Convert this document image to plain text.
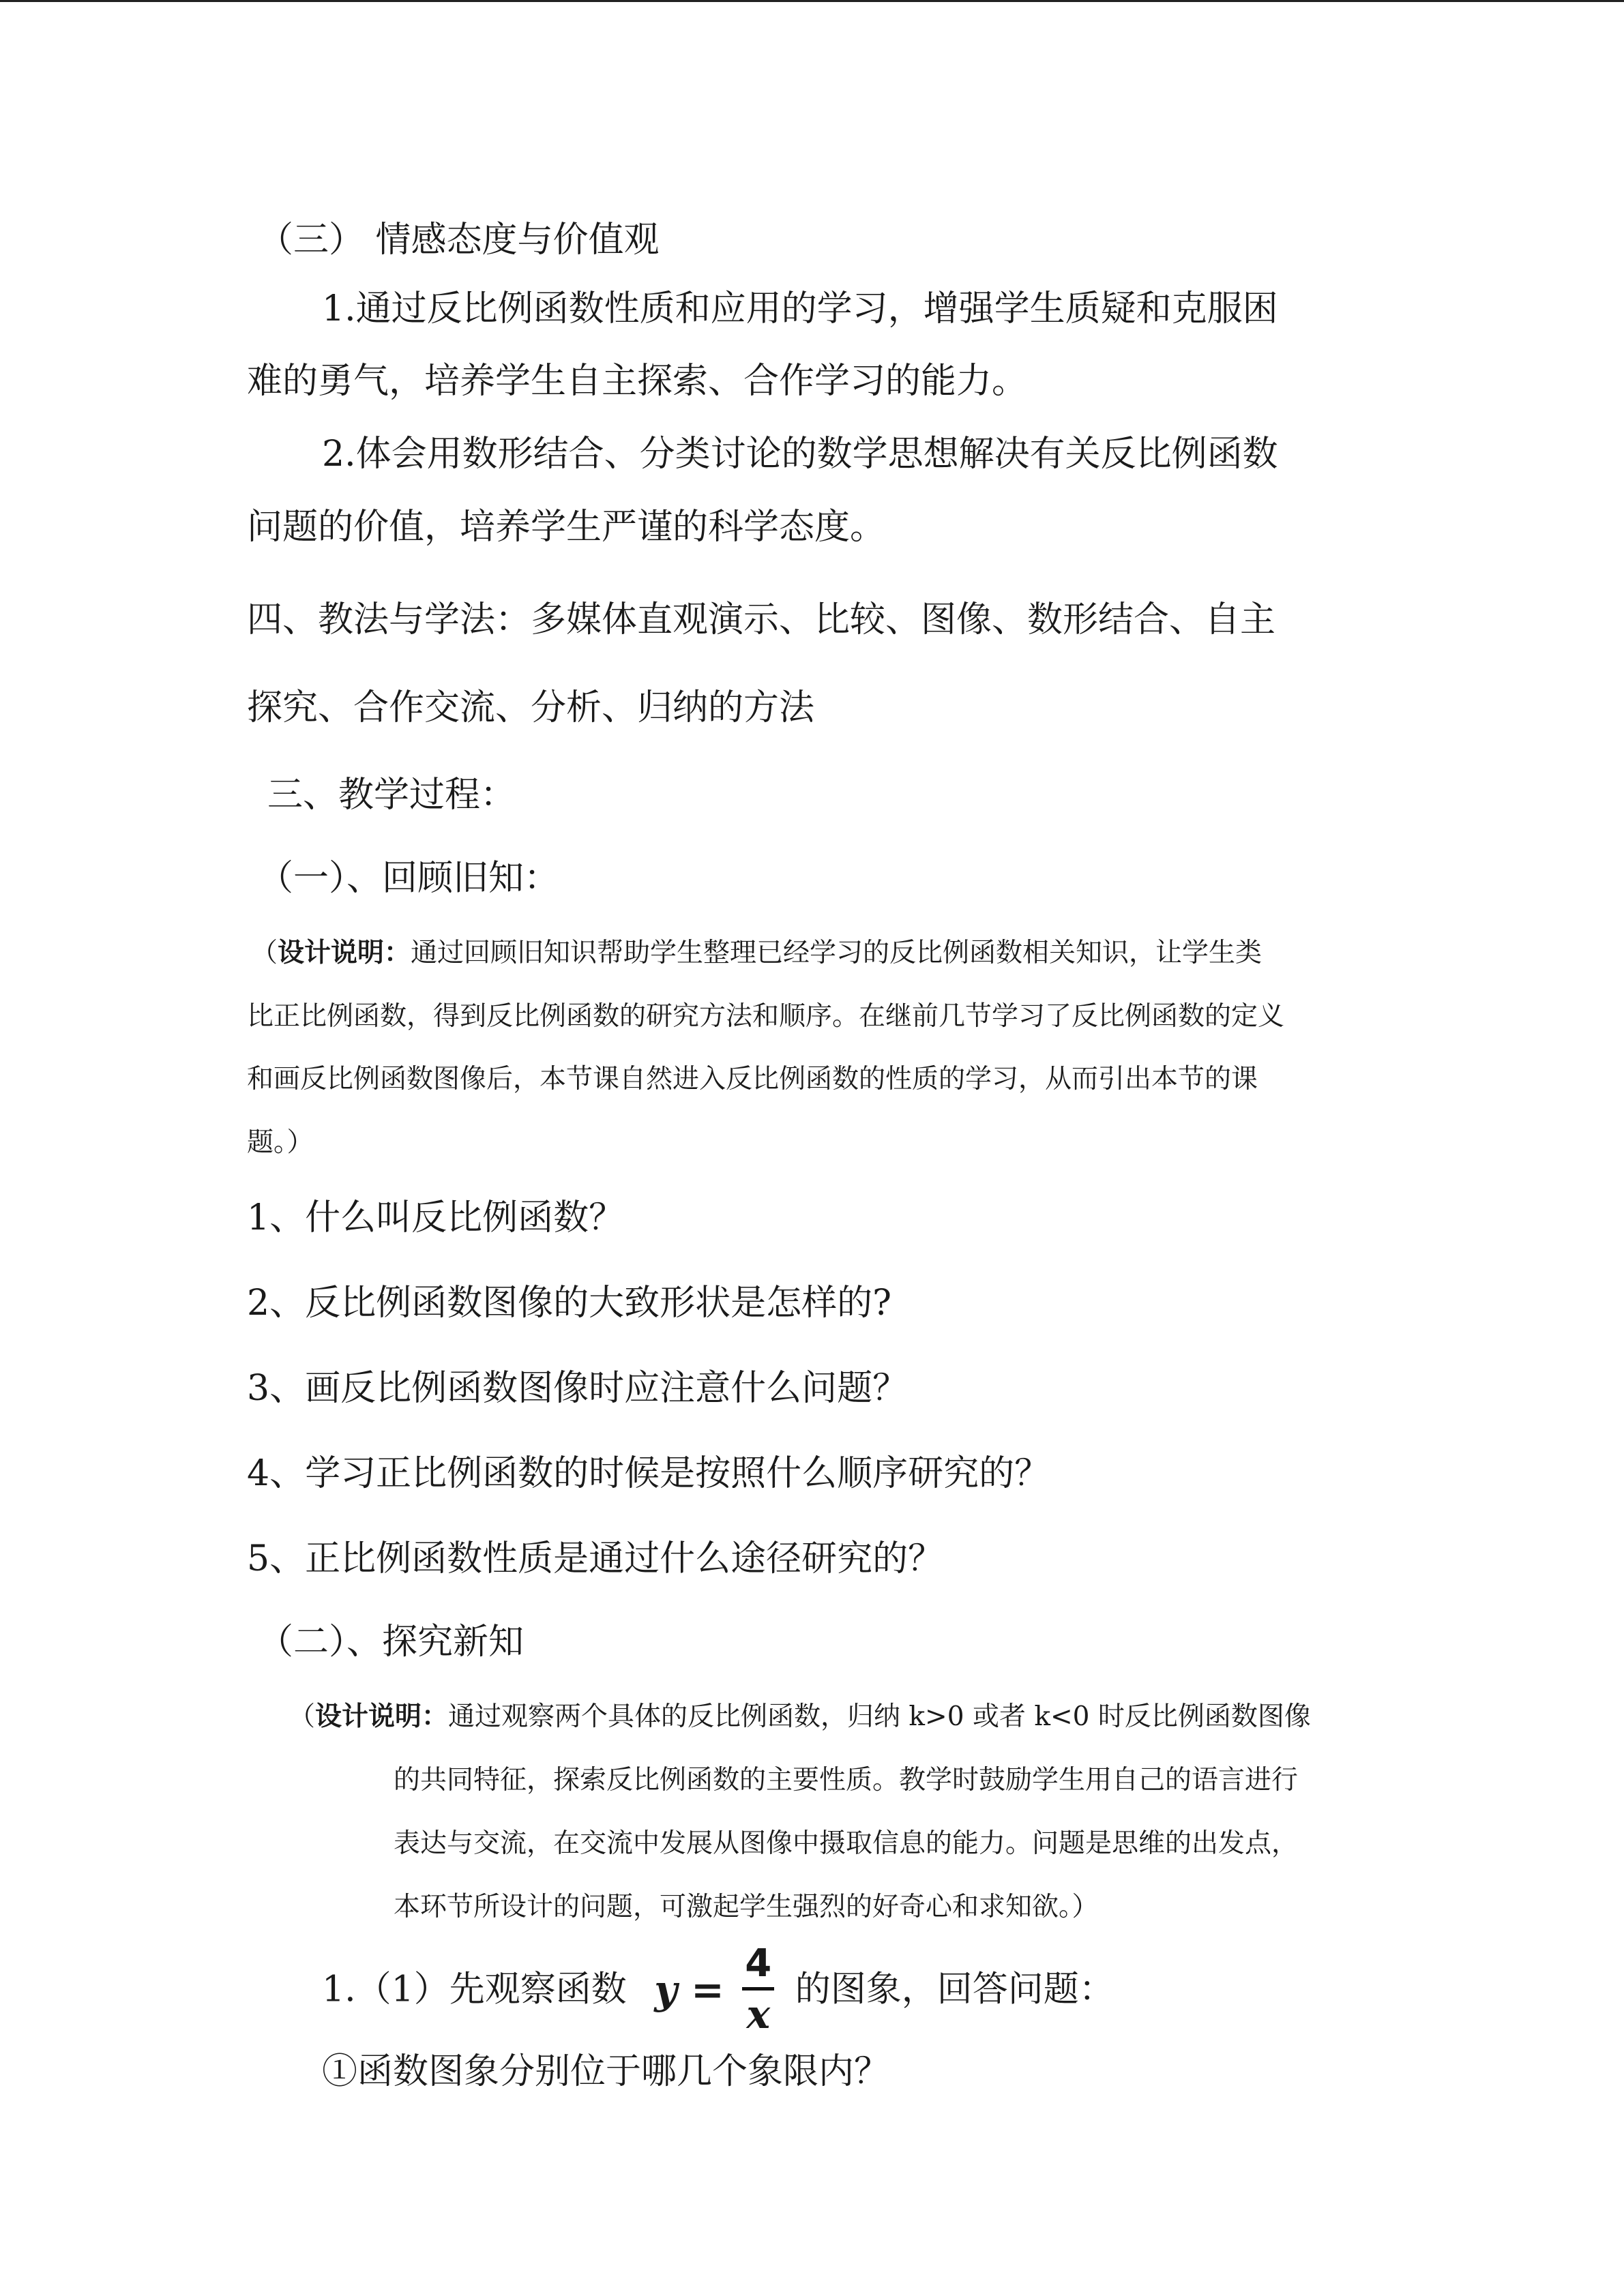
（三） 情感态度与价值观
1.通过反比例函数性质和应用的学习，增强学生质疑和克服困
难的勇气，培养学生自主探索、合作学习的能力。
2.体会用数形结合、分类讨论的数学思想解决有关反比例函数
问题的价值，培养学生严谨的科学态度。
四、教法与学法：多媒体直观演示、比较、图像、数形结合、自主
探究、合作交流、分析、归纳的方法
三、教学过程：
（一）、回顾旧知：
（设计说明：通过回顾旧知识帮助学生整理已经学习的反比例函数相关知识，让学生类
比正比例函数，得到反比例函数的研究方法和顺序。在继前几节学习了反比例函数的定义
和画反比例函数图像后，本节课自然进入反比例函数的性质的学习，从而引出本节的课
题。）
1、什么叫反比例函数？
2、反比例函数图像的大致形状是怎样的?
3、画反比例函数图像时应注意什么问题？
4、学习正比例函数的时候是按照什么顺序研究的？
5、正比例函数性质是通过什么途径研究的？
（二）、探究新知
（设计说明：通过观察两个具体的反比例函数，归纳 k>0 或者 k<0 时反比例函数图像
的共同特征，探索反比例函数的主要性质。教学时鼓励学生用自己的语言进行
表达与交流，在交流中发展从图像中摄取信息的能力。问题是思维的出发点，
本环节所设计的问题，可激起学生强烈的好奇心和求知欲。）
1.（1）先观察函数 $y = \frac{4}{x}$ 的图象，回答问题：
①函数图象分别位于哪几个象限内？
